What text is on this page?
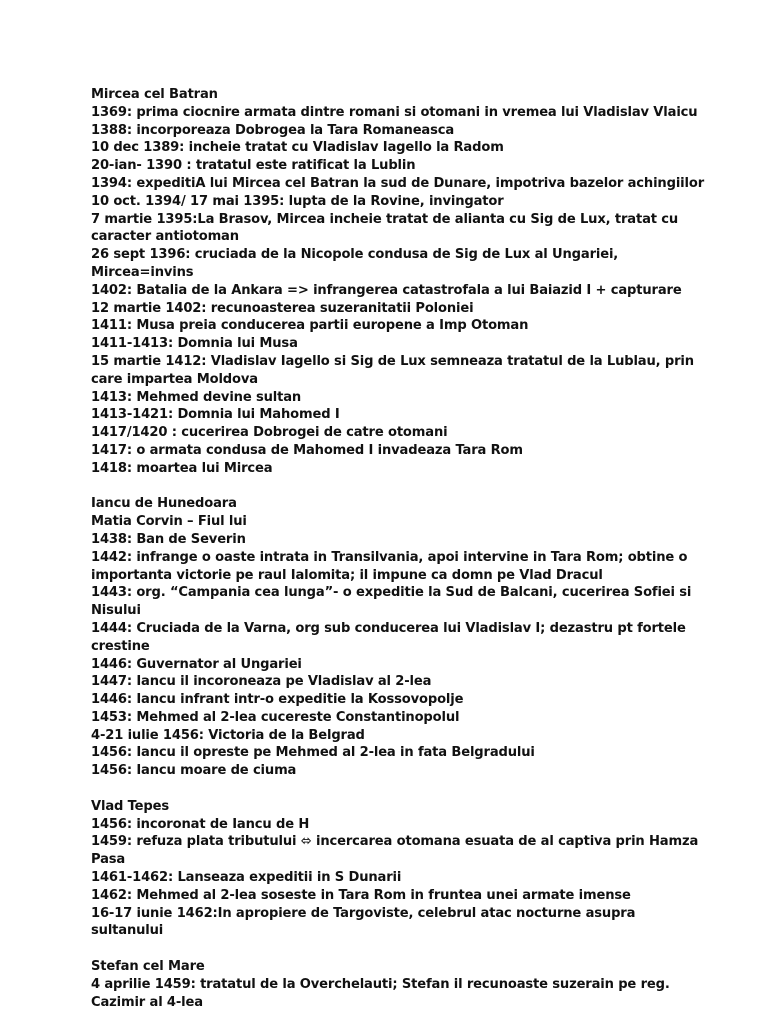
Mircea cel Batran
1369: prima ciocnire armata dintre romani si otomani in vremea lui Vladislav Vlaicu
1388: incorporeaza Dobrogea la Tara Romaneasca
10 dec 1389: incheie tratat cu Vladislav Iagello la Radom
20-ian- 1390 : tratatul este ratificat la Lublin
1394: expeditiA lui Mircea cel Batran la sud de Dunare, impotriva bazelor achingiilor
10 oct. 1394/ 17 mai 1395: lupta de la Rovine, invingator
7 martie 1395:La Brasov, Mircea incheie tratat de alianta cu Sig de Lux, tratat cu caracter antiotoman
26 sept 1396: cruciada de la Nicopole condusa de Sig de Lux al Ungariei, Mircea=invins
1402: Batalia de la Ankara => infrangerea catastrofala a lui Baiazid I + capturare
12 martie 1402: recunoasterea suzeranitatii Poloniei
1411: Musa preia conducerea partii europene a Imp Otoman
1411-1413: Domnia lui Musa
15 martie 1412: Vladislav Iagello si Sig de Lux semneaza tratatul de la Lublau, prin care impartea Moldova
1413: Mehmed devine sultan
1413-1421: Domnia lui Mahomed I
1417/1420 : cucerirea Dobrogei de catre otomani
1417: o armata condusa de Mahomed I invadeaza Tara Rom
1418: moartea lui Mircea
Iancu de Hunedoara
Matia Corvin – Fiul lui
1438: Ban de Severin
1442: infrange o oaste intrata in Transilvania, apoi intervine in Tara Rom; obtine o importanta victorie pe raul Ialomita; il impune ca domn pe Vlad Dracul
1443: org. “Campania cea lunga”- o expeditie la Sud de Balcani, cucerirea Sofiei si Nisului
1444: Cruciada de la Varna, org sub conducerea lui Vladislav I; dezastru pt fortele crestine
1446: Guvernator al Ungariei
1447: Iancu il incoroneaza pe Vladislav al 2-lea
1446: Iancu infrant intr-o expeditie la Kossovopolje
1453: Mehmed al 2-lea cucereste Constantinopolul
4-21 iulie 1456: Victoria de la Belgrad
1456: Iancu il opreste pe Mehmed al 2-lea in fata Belgradului
1456: Iancu moare de ciuma
Vlad Tepes
1456: incoronat de Iancu de H
1459: refuza plata tributului ⬄ incercarea otomana esuata de al captiva prin Hamza Pasa
1461-1462: Lanseaza expeditii in S Dunarii
1462: Mehmed al 2-lea soseste in Tara Rom in fruntea unei armate imense
16-17 iunie 1462:In apropiere de Targoviste, celebrul atac nocturne asupra sultanului
Stefan cel Mare
4 aprilie 1459: tratatul de la Overchelauti; Stefan il recunoaste suzerain pe reg. Cazimir al 4-lea
